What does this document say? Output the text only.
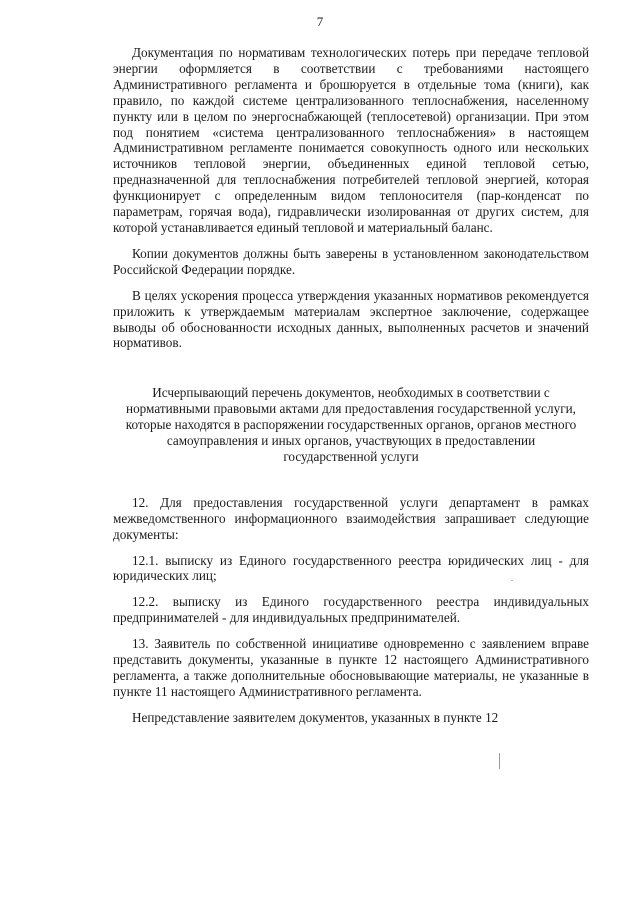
7

Документация по нормативам технологических потерь при передаче тепловой энергии оформляется в соответствии с требованиями настоящего Административного регламента и брошюруется в отдельные тома (книги), как правило, по каждой системе централизованного теплоснабжения, населенному пункту или в целом по энергоснабжающей (теплосетевой) организации. При этом под понятием «система централизованного теплоснабжения» в настоящем Административном регламенте понимается совокупность одного или нескольких источников тепловой энергии, объединенных единой тепловой сетью, предназначенной для теплоснабжения потребителей тепловой энергией, которая функционирует с определенным видом теплоносителя (пар-конденсат по параметрам, горячая вода), гидравлически изолированная от других систем, для которой устанавливается единый тепловой и материальный баланс.

Копии документов должны быть заверены в установленном законодательством Российской Федерации порядке.

В целях ускорения процесса утверждения указанных нормативов рекомендуется приложить к утверждаемым материалам экспертное заключение, содержащее выводы об обоснованности исходных данных, выполненных расчетов и значений нормативов.

Исчерпывающий перечень документов, необходимых в соответствии с нормативными правовыми актами для предоставления государственной услуги, которые находятся в распоряжении государственных органов, органов местного самоуправления и иных органов, участвующих в предоставлении государственной услуги

12. Для предоставления государственной услуги департамент в рамках межведомственного информационного взаимодействия запрашивает следующие документы:

12.1. выписку из Единого государственного реестра юридических лиц - для юридических лиц;

12.2. выписку из Единого государственного реестра индивидуальных предпринимателей - для индивидуальных предпринимателей.

13. Заявитель по собственной инициативе одновременно с заявлением вправе представить документы, указанные в пункте 12 настоящего Административного регламента, а также дополнительные обосновывающие материалы, не указанные в пункте 11 настоящего Административного регламента.

Непредставление заявителем документов, указанных в пункте 12
